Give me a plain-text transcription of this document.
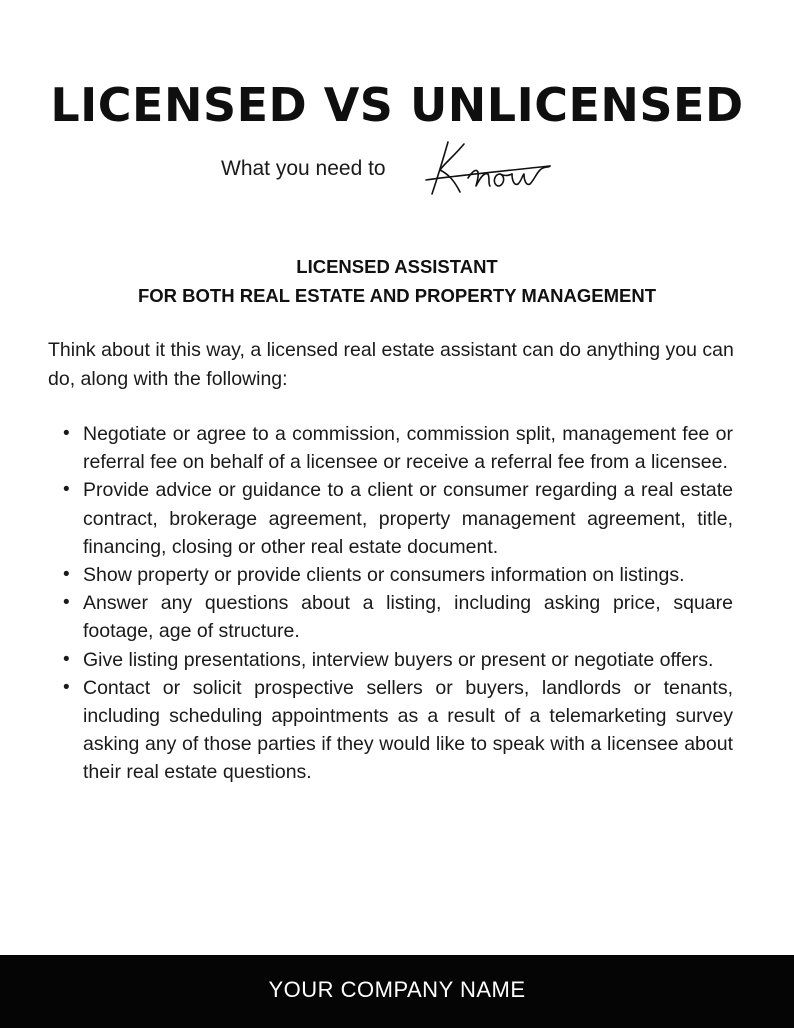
LICENSED VS UNLICENSED
What you need to
LICENSED ASSISTANT
FOR BOTH REAL ESTATE AND PROPERTY MANAGEMENT
Think about it this way, a licensed real estate assistant can do anything you can do, along with the following:
• Negotiate or agree to a commission, commission split, management fee or referral fee on behalf of a licensee or receive a referral fee from a licensee.
• Provide advice or guidance to a client or consumer regarding a real estate contract, brokerage agreement, property management agreement, title, financing, closing or other real estate document.
• Show property or provide clients or consumers information on listings.
• Answer any questions about a listing, including asking price, square footage, age of structure.
• Give listing presentations, interview buyers or present or negotiate offers.
• Contact or solicit prospective sellers or buyers, landlords or tenants, including scheduling appointments as a result of a telemarketing survey asking any of those parties if they would like to speak with a licensee about their real estate questions.
YOUR COMPANY NAME
